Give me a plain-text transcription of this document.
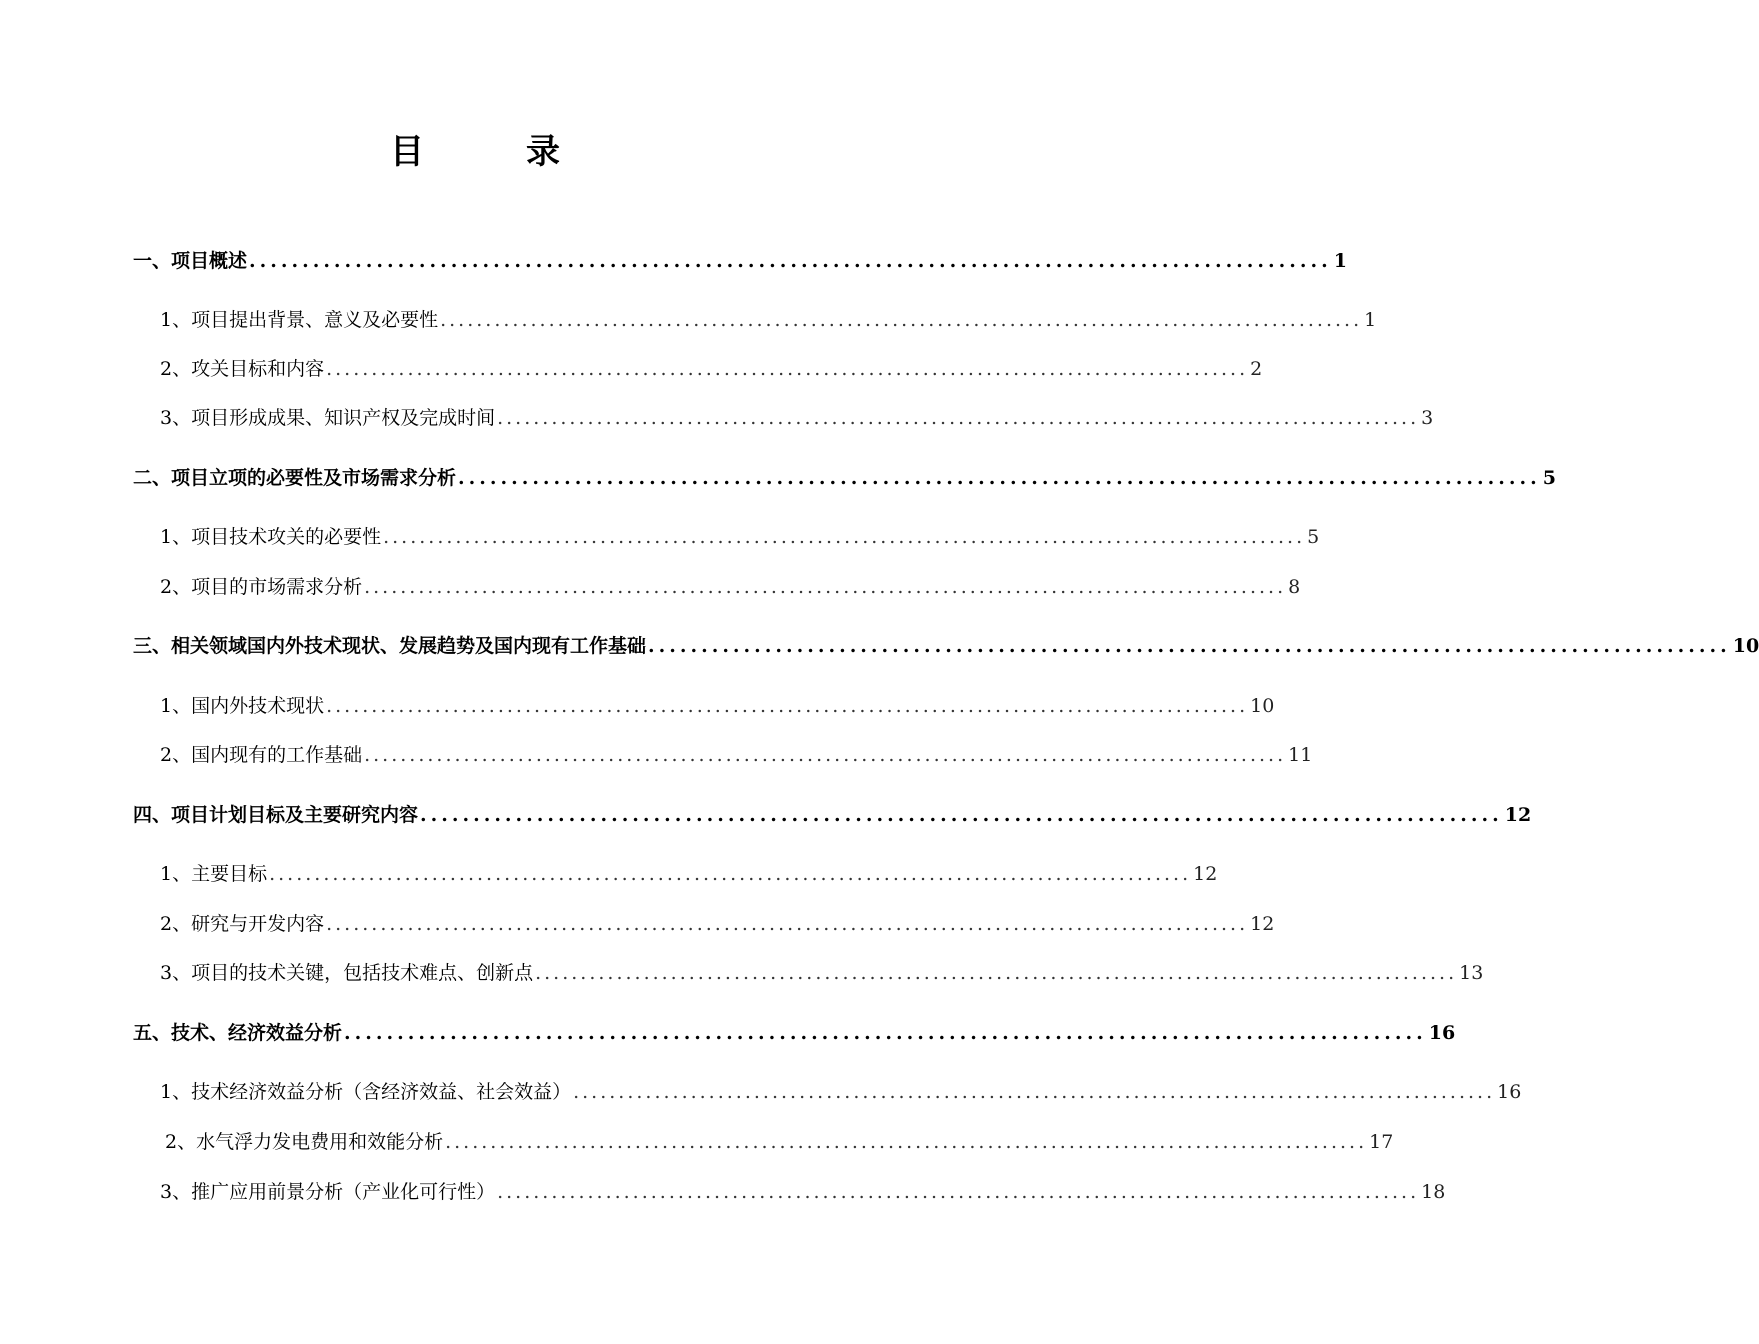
目　录
一、项目概述 ...................................................................................................... 1
1、项目提出背景、意义及必要性 ...................................................................................................... 1
2、攻关目标和内容 ...................................................................................................... 2
3、项目形成成果、知识产权及完成时间 ...................................................................................................... 3
二、项目立项的必要性及市场需求分析 ...................................................................................................... 5
1、项目技术攻关的必要性 ...................................................................................................... 5
2、项目的市场需求分析 ...................................................................................................... 8
三、相关领域国内外技术现状、发展趋势及国内现有工作基础 ...................................................................................................... 10
1、国内外技术现状 ...................................................................................................... 10
2、国内现有的工作基础 ...................................................................................................... 11
四、项目计划目标及主要研究内容 ...................................................................................................... 12
1、主要目标 ...................................................................................................... 12
2、研究与开发内容 ...................................................................................................... 12
3、项目的技术关键，包括技术难点、创新点 ...................................................................................................... 13
五、技术、经济效益分析 ...................................................................................................... 16
1、技术经济效益分析（含经济效益、社会效益） ...................................................................................................... 16
2、水气浮力发电费用和效能分析 ...................................................................................................... 17
3、推广应用前景分析（产业化可行性） ...................................................................................................... 18
